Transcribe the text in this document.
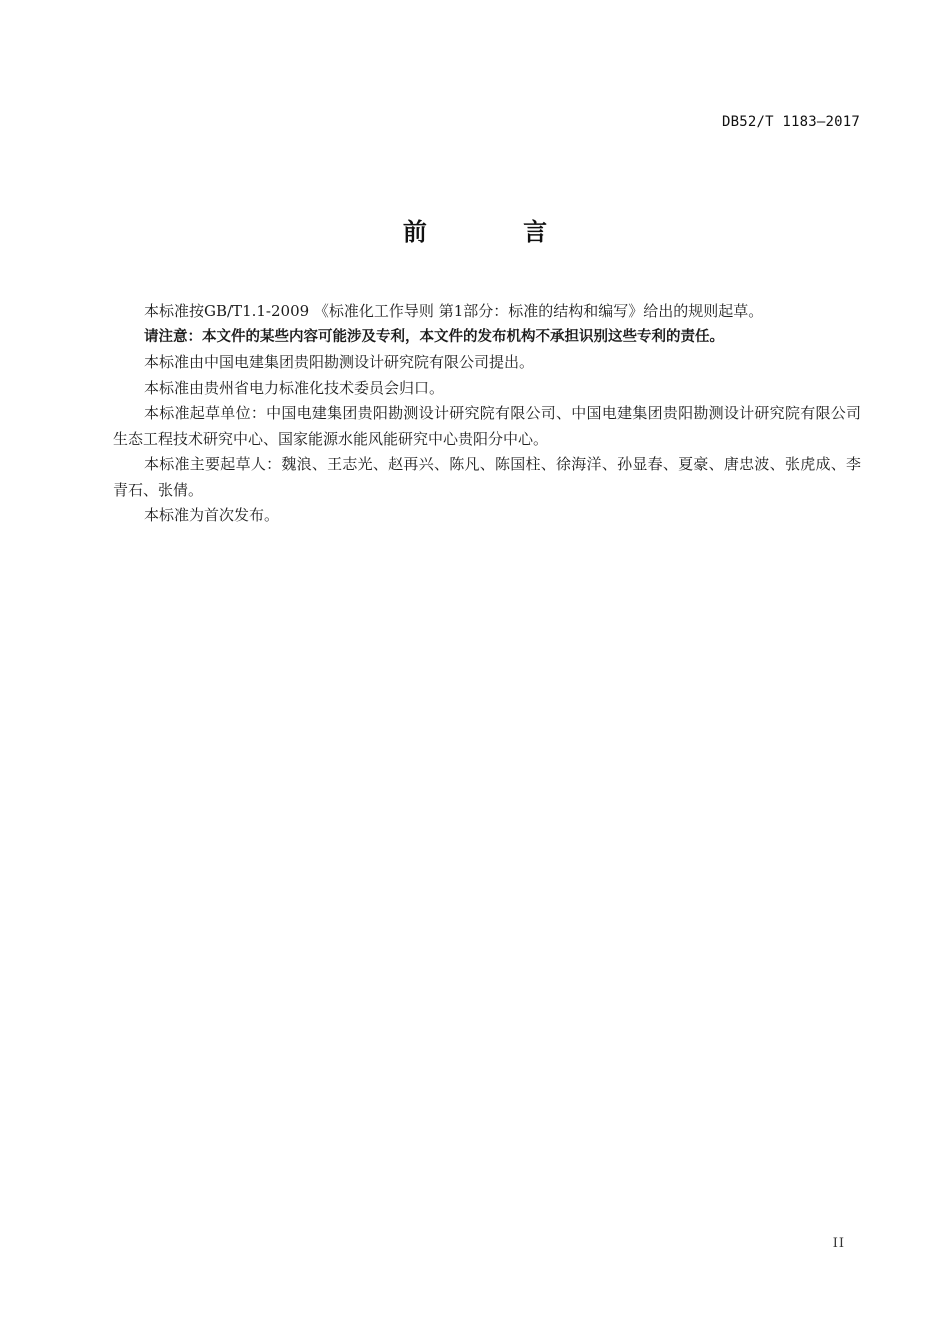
DB52/T 1183—2017
前 言

本标准按GB/T1.1-2009 《标准化工作导则 第1部分：标准的结构和编写》给出的规则起草。

请注意：本文件的某些内容可能涉及专利，本文件的发布机构不承担识别这些专利的责任。

本标准由中国电建集团贵阳勘测设计研究院有限公司提出。

本标准由贵州省电力标准化技术委员会归口。

本标准起草单位：中国电建集团贵阳勘测设计研究院有限公司、中国电建集团贵阳勘测设计研究院有限公司生态工程技术研究中心、国家能源水能风能研究中心贵阳分中心。

本标准主要起草人：魏浪、王志光、赵再兴、陈凡、陈国柱、徐海洋、孙显春、夏豪、唐忠波、张虎成、李青石、张倩。

本标准为首次发布。

II
